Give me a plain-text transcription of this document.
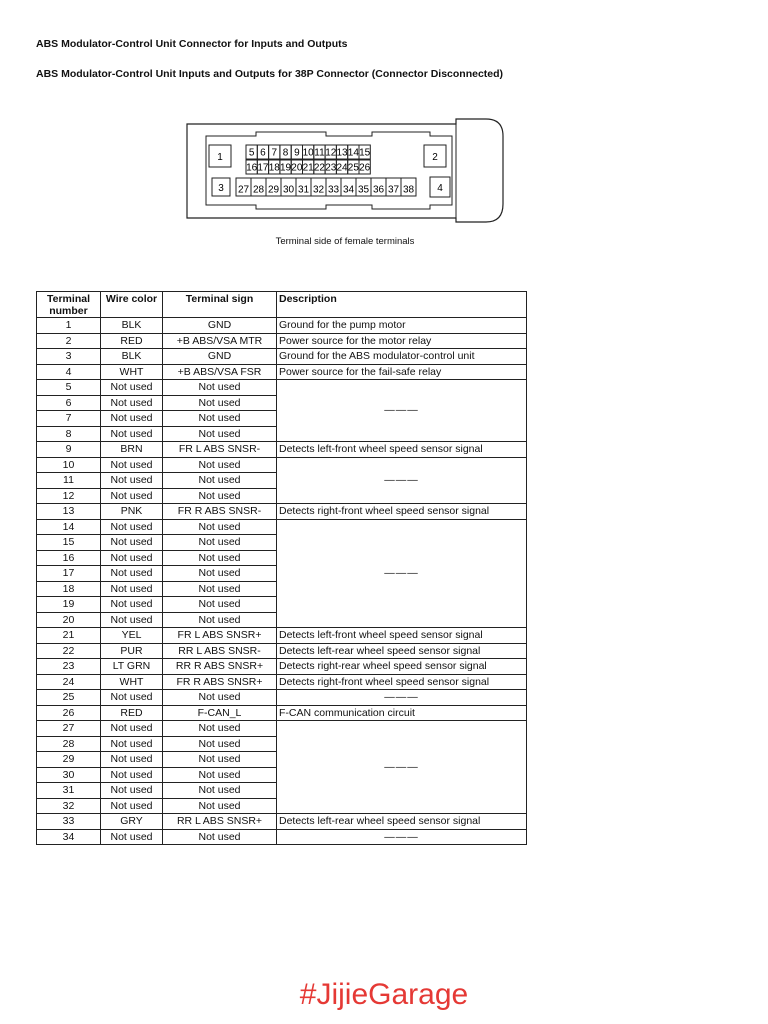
ABS Modulator-Control Unit Connector for Inputs and Outputs
ABS Modulator-Control Unit Inputs and Outputs for 38P Connector (Connector Disconnected)
1	2
3	4
5 6 7 8 9 10 11 12 13 14 15
16 17 18 19 20 21 22 23 24 25 26
27 28 29 30 31 32 33 34 35 36 37 38
Terminal side of female terminals
Terminal number	Wire color	Terminal sign	Description
1	BLK	GND	Ground for the pump motor
2	RED	+B ABS/VSA MTR	Power source for the motor relay
3	BLK	GND	Ground for the ABS modulator-control unit
4	WHT	+B ABS/VSA FSR	Power source for the fail-safe relay
5	Not used	Not used	———
6	Not used	Not used	
7	Not used	Not used	
8	Not used	Not used	
9	BRN	FR L ABS SNSR-	Detects left-front wheel speed sensor signal
10	Not used	Not used	———
11	Not used	Not used	
12	Not used	Not used	
13	PNK	FR R ABS SNSR-	Detects right-front wheel speed sensor signal
14	Not used	Not used	———
15	Not used	Not used	
16	Not used	Not used	
17	Not used	Not used	
18	Not used	Not used	
19	Not used	Not used	
20	Not used	Not used	
21	YEL	FR L ABS SNSR+	Detects left-front wheel speed sensor signal
22	PUR	RR L ABS SNSR-	Detects left-rear wheel speed sensor signal
23	LT GRN	RR R ABS SNSR+	Detects right-rear wheel speed sensor signal
24	WHT	FR R ABS SNSR+	Detects right-front wheel speed sensor signal
25	Not used	Not used	———
26	RED	F-CAN_L	F-CAN communication circuit
27	Not used	Not used	———
28	Not used	Not used	
29	Not used	Not used	
30	Not used	Not used	
31	Not used	Not used	
32	Not used	Not used	
33	GRY	RR L ABS SNSR+	Detects left-rear wheel speed sensor signal
34	Not used	Not used	———
#JijieGarage
